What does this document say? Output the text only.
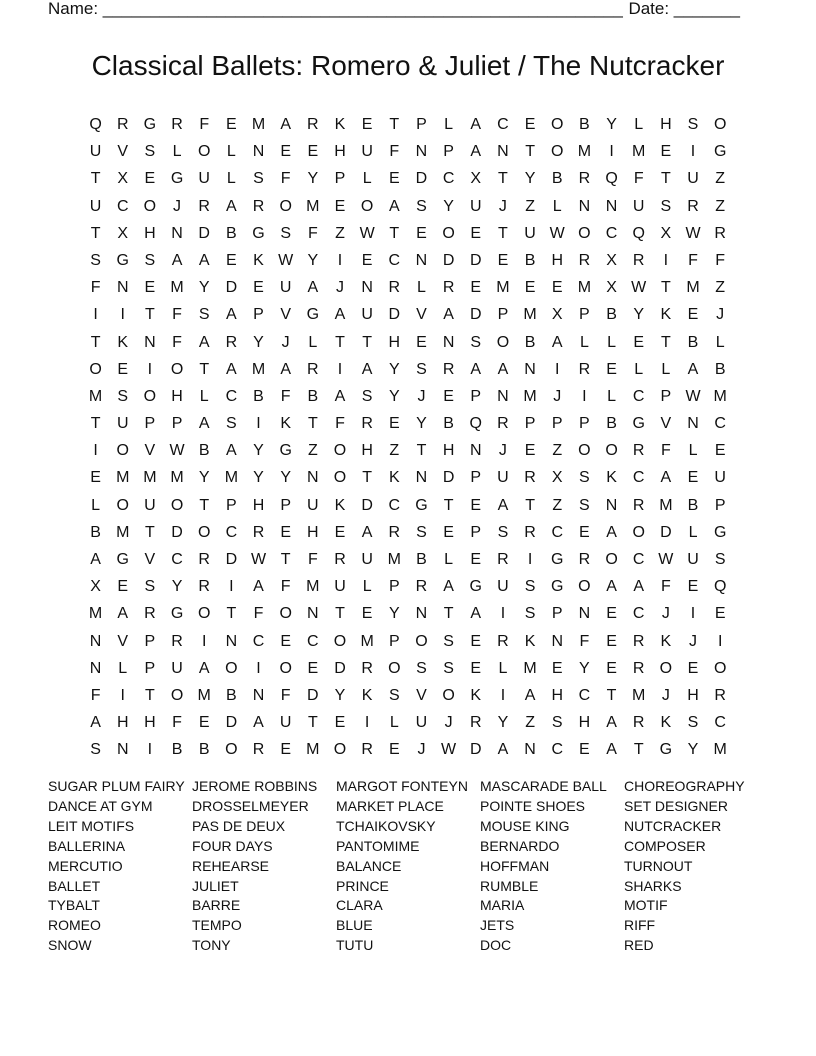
Name: _______________________________________________________ Date: _______
Classical Ballets: Romero & Juliet / The Nutcracker
Q R G R	F	E M A	R	K	E	T	P	L	A	C	E O B	Y	L	H	S O
U	V	S	L	O	L	N	E	E	H U	F	N	P	A	N	T	O M	I	M E	I	G
T	X	E G U	L	S	F	Y	P	L	E	D C	X	T	Y	B	R Q	F	T	U	Z
U C O	J	R	A	R O M E O A	S	Y	U	J	Z	L	N N U	S	R	Z
T	X	H N D	B G S	F	Z W T	E O E	T	U W O C Q X W R
S G S	A	A	E	K W Y	I	E	C N D D	E	B	H R	X	R	I	F	F
F	N	E M Y	D	E	U	A	J	N R	L	R	E M E	E M X W T M Z
I	I	T	F	S	A	P	V G A	U D	V	A	D	P M X	P	B	Y	K	E	J
T	K	N	F	A	R	Y	J	L	T	T	H	E	N	S O B	A	L	L	E	T	B	L
O E	I	O	T	A M A	R	I	A	Y	S	R	A	A	N	I	R	E	L	L	A	B
M S O H	L	C	B	F	B	A	S	Y	J	E	P	N M	J	I	L	C	P W M
T	U	P	P	A	S	I	K	T	F	R	E	Y	B Q R	P	P	P	B G V	N C
I	O V W B	A	Y G	Z	O H	Z	T	H N	J	E	Z	O O R	F	L	E
E M M M Y M Y	Y	N O	T	K	N D	P	U R	X	S	K	C	A	E	U
L	O U O	T	P	H	P	U	K	D C G	T	E	A	T	Z	S	N R M B	P
B M T	D O C R	E	H	E	A	R	S	E	P	S	R C	E	A O D	L	G
A G V	C R D W T	F	R U M B	L	E	R	I	G R O C W U	S
X	E	S	Y	R	I	A	F M U	L	P	R	A G U	S G O A	A	F	E Q
M A	R G O	T	F	O N	T	E	Y	N	T	A	I	S	P	N	E	C	J	I	E
N	V	P	R	I	N C	E	C O M P O S	E	R	K	N	F	E	R	K	J	I
N	L	P	U	A O	I	O E	D R O S	S	E	L	M E	Y	E	R O E O
F	I	T	O M B	N	F	D	Y	K	S	V O K	I	A	H C	T M	J	H R
A	H H	F	E	D	A	U	T	E	I	L	U	J	R	Y	Z	S	H	A	R	K	S	C
S	N	I	B	B O R	E M O R	E	J W D	A	N C	E	A	T	G Y M
SUGAR PLUM FAIRY
DANCE AT GYM
LEIT MOTIFS
BALLERINA
MERCUTIO
BALLET
TYBALT
ROMEO
SNOW
JEROME ROBBINS
DROSSELMEYER
PAS DE DEUX
FOUR DAYS
REHEARSE
JULIET
BARRE
TEMPO
TONY
MARGOT FONTEYN
MARKET PLACE
TCHAIKOVSKY
PANTOMIME
BALANCE
PRINCE
CLARA
BLUE
TUTU
MASCARADE BALL
POINTE SHOES
MOUSE KING
BERNARDO
HOFFMAN
RUMBLE
MARIA
JETS
DOC
CHOREOGRAPHY
SET DESIGNER
NUTCRACKER
COMPOSER
TURNOUT
SHARKS
MOTIF
RIFF
RED
